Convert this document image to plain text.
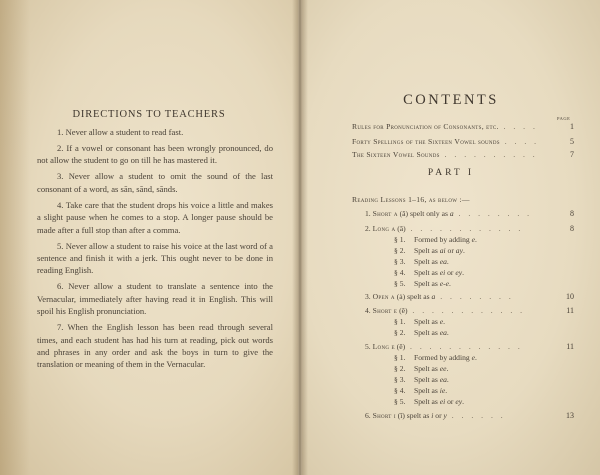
DIRECTIONS TO TEACHERS

1. Never allow a student to read fast.

2. If a vowel or consonant has been wrongly pronounced, do not allow the student to go on till he has mastered it.

3. Never allow a student to omit the sound of the last consonant of a word, as sān, sānd, sānds.

4. Take care that the student drops his voice a little and makes a slight pause when he comes to a stop. A longer pause should be made after a full stop than after a comma.

5. Never allow a student to raise his voice at the last word of a sentence and finish it with a jerk. This ought never to be done in reading English.

6. Never allow a student to translate a sentence into the Vernacular, immediately after having read it in English. This will spoil his English pronunciation.

7. When the English lesson has been read through several times, and each student has had his turn at reading, pick out words and phrases in any order and ask the boys in turn to give the translation or meaning of them in the Vernacular.

CONTENTS
PAGE
Rules for Pronunciation of Consonants, etc. . . . .	1
Forty Spellings of the Sixteen Vowel sounds . . . .	5
The Sixteen Vowel Sounds . . . . . . . . . .	7
PART I
Reading Lessons 1–16, as below :—
1. Short a (ă) spelt only as a . . . . . . . .	8
2. Long a (ā) . . . . . . . . . . . .	8
§ 1. Formed by adding e.
§ 2. Spelt as ai or ay.
§ 3. Spelt as ea.
§ 4. Spelt as ei or ey.
§ 5. Spelt as e-e.
3. Open a (ȧ) spelt as a . . . . . . . .	10
4. Short e (ĕ) . . . . . . . . . . . .	11
§ 1. Spelt as e.
§ 2. Spelt as ea.
5. Long e (ē) . . . . . . . . . . . .	11
§ 1. Formed by adding e.
§ 2. Spelt as ee.
§ 3. Spelt as ea.
§ 4. Spelt as ie.
§ 5. Spelt as ei or ey.
6. Short i (ĭ) spelt as i or y . . . . . .	13
